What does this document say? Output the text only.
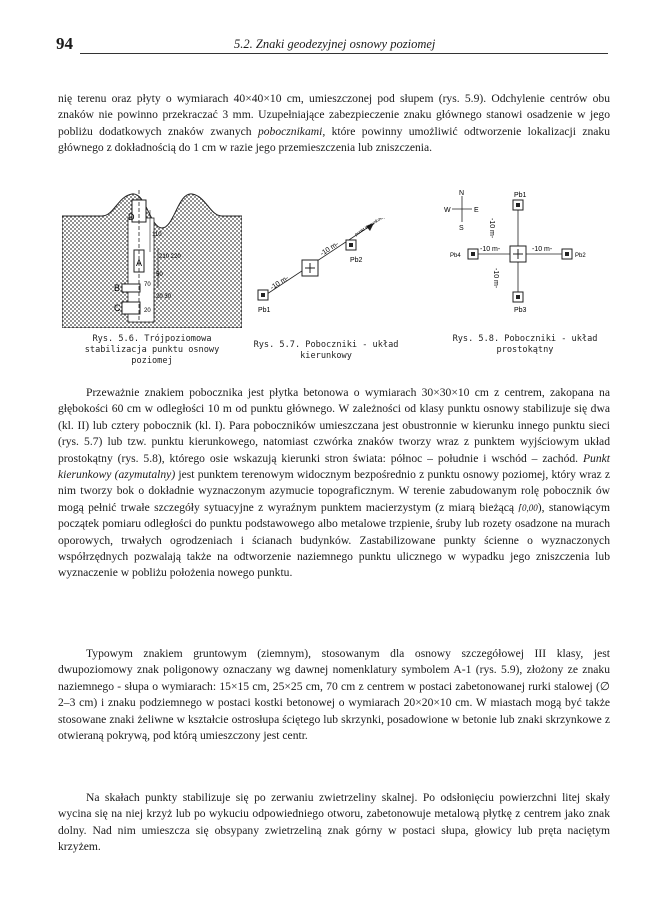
94	5.2. Znaki geodezyjnej osnowy poziomej

nię terenu oraz płyty o wymiarach 40×40×10 cm, umieszczonej pod słupem (rys. 5.9). Odchylenie centrów obu znaków nie powinno przekraczać 3 mm. Uzupełniające zabezpieczenie znaku głównego stanowi osadzenie w jego pobliżu dodatkowych znaków zwanych pobocznikami, które powinny umożliwić odtworzenie lokalizacji znaku głównego z dokładnością do 1 cm w razie jego przemieszczenia lub zniszczenia.

D
A
B
C
110
210 220
50
70
20 30
20
Rys. 5.6. Trójpoziomowa stabilizacja punktu osnowy poziomej
Pb1
Pb2
-10 m-
-10 m-
punkt kierunkowy
Rys. 5.7. Pobocznikі - układ kierunkowy
N
S
W	E
Pb1
Pb3
Pb4	Pb2
-10 m-	-10 m-
-10 m-
-10 m-
Rys. 5.8. Poboczniki - układ prostokątny

Przeważnie znakiem pobocznika jest płytka betonowa o wymiarach 30×30×10 cm z centrem, zakopana na głębokości 60 cm w odległości 10 m od punktu głównego. W zależności od klasy punktu osnowy stabilizuje się dwa (kl. II) lub cztery pobocznik (kl. I). Para poboczników umieszczana jest obustronnie w kierunku innego punktu sieci (rys. 5.7) lub tzw. punktu kierunkowego, natomiast czwórka znaków tworzy wraz z punktem wyjściowym układ prostokątny (rys. 5.8), którego osie wskazują kierunki stron świata: północ – południe i wschód – zachód. Punkt kierunkowy (azymutalny) jest punktem terenowym widocznym bezpośrednio z punktu osnowy poziomej, który wraz z nim tworzy bok o dokładnie wyznaczonym azymucie topograficznym. W terenie zabudowanym rolę pobocznik ów mogą pełnić trwałe szczegóły sytuacyjne z wyraźnym punktem macierzystym (z miarą bieżącą ⌈0,00), stanowiącym początek pomiaru odległości do punktu podstawowego albo metalowe trzpienie, śruby lub rozety osadzone na murach oporowych, trwałych ogrodzeniach i ścianach budynków. Zastabilizowane punkty ścienne o wyznaczonych współrzędnych pozwalają także na odtworzenie naziemnego punktu ulicznego w wypadku jego zniszczenia lub wyznaczenie w pobliżu położenia nowego punktu.

Typowym znakiem gruntowym (ziemnym), stosowanym dla osnowy szczegółowej III klasy, jest dwupoziomowy znak poligonowy oznaczany wg dawnej nomenklatury symbolem A-1 (rys. 5.9), złożony ze znaku naziemnego - słupa o wymiarach: 15×15 cm, 25×25 cm, 70 cm z centrem w postaci zabetonowanej rurki stalowej (∅ 2–3 cm) i znaku podziemnego w postaci kostki betonowej o wymiarach 20×20×10 cm. W miastach mogą być także stosowane znaki żeliwne w kształcie ostrosłupa ściętego lub skrzynki, posadowione w betonie lub znaki skrzynkowe z otwieraną pokrywą, pod którą umieszczony jest centr.

Na skałach punkty stabilizuje się po zerwaniu zwietrzeliny skalnej. Po odsłonięciu powierzchni litej skały wycina się na niej krzyż lub po wykuciu odpowiedniego otworu, zabetonowuje metalową płytkę z centrem jako znak dolny. Nad nim umieszcza się obsypany zwietrzeliną znak górny w postaci słupa, głowicy lub pręta naciętym krzyżem.
